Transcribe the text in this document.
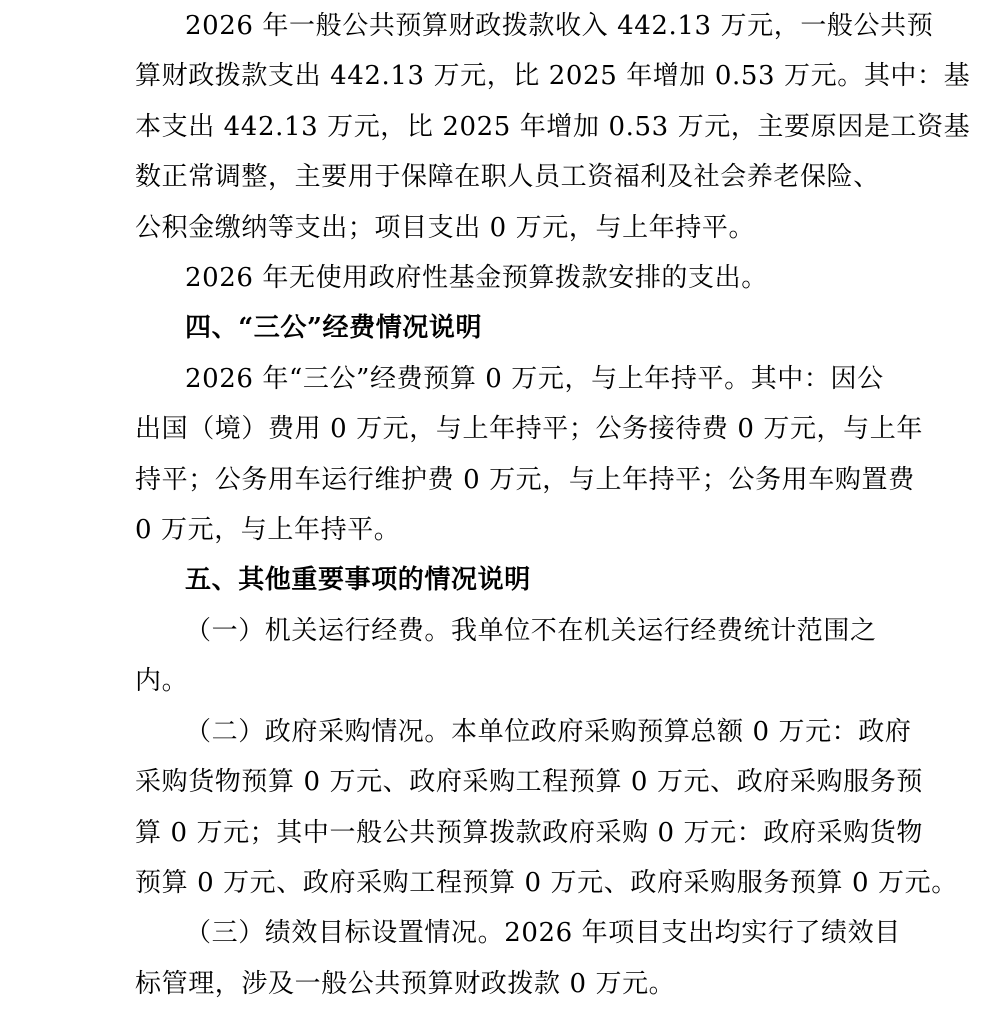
2026 年一般公共预算财政拨款收入 442.13 万元，一般公共预
算财政拨款支出 442.13 万元，比 2025 年增加 0.53 万元。其中：基
本支出 442.13 万元，比 2025 年增加 0.53 万元，主要原因是工资基
数正常调整，主要用于保障在职人员工资福利及社会养老保险、
公积金缴纳等支出；项目支出 0 万元，与上年持平。
2026 年无使用政府性基金预算拨款安排的支出。
四、“三公”经费情况说明
2026 年“三公”经费预算 0 万元，与上年持平。其中：因公
出国（境）费用 0 万元，与上年持平；公务接待费 0 万元，与上年
持平；公务用车运行维护费 0 万元，与上年持平；公务用车购置费
0 万元，与上年持平。
五、其他重要事项的情况说明
（一）机关运行经费。我单位不在机关运行经费统计范围之
内。
（二）政府采购情况。本单位政府采购预算总额 0 万元：政府
采购货物预算 0 万元、政府采购工程预算 0 万元、政府采购服务预
算 0 万元；其中一般公共预算拨款政府采购 0 万元：政府采购货物
预算 0 万元、政府采购工程预算 0 万元、政府采购服务预算 0 万元。
（三）绩效目标设置情况。2026 年项目支出均实行了绩效目
标管理，涉及一般公共预算财政拨款 0 万元。
